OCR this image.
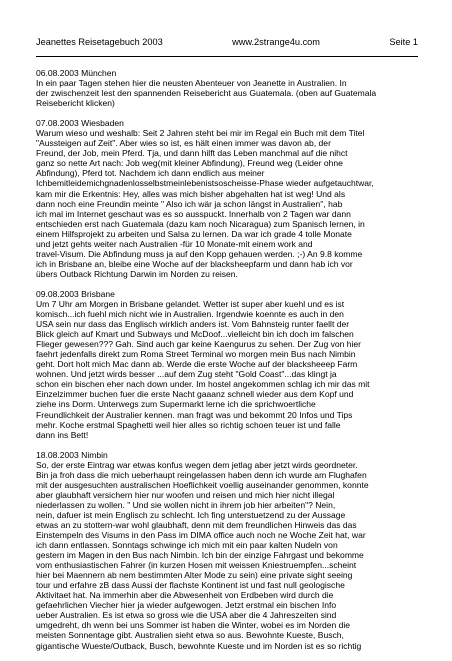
Jeanettes Reisetagebuch 2003	www.2strange4u.com	Seite 1
06.08.2003 München
In ein paar Tagen stehen hier die neusten Abenteuer von Jeanette in Australien. In
der zwischenzeit lest den spannenden Reisebericht aus Guatemala. (oben auf Guatemala
Reisebericht klicken)
07.08.2003 Wiesbaden
Warum wieso und weshalb: Seit 2 Jahren steht bei mir im Regal ein Buch mit dem Titel
"Aussteigen auf Zeit". Aber wies so ist, es hält einen immer was davon ab, der
Freund, der Job, mein Pferd. Tja, und dann hilft das Leben manchmal auf die nihct
ganz so nette Art nach: Job weg(mit kleiner Abfindung), Freund weg (Leider ohne
Abfindung), Pferd tot. Nachdem ich dann endlich aus meiner
Ichbemitleidemichgnadenlosselbstmeinlebenistsoscheisse-Phase wieder aufgetauchtwar,
kam mir die Erkentnis: Hey, alles was mich bisher abgehalten hat ist weg! Und als
dann noch eine Freundin meinte " Also ich wär ja schon längst in Australien", hab
ich mal im Internet geschaut was es so ausspuckt. Innerhalb von 2 Tagen war dann
entschieden erst nach Guatemala (dazu kam noch Nicaragua) zum Spanisch lernen, in
einem Hilfsprojekt zu arbeiten und Salsa zu lernen. Da war ich grade 4 tolle Monate
und jetzt gehts weiter nach Australien -für 10 Monate-mit einem work and
travel-Visum. Die Abfindung muss ja auf den Kopp gehauen werden. ;-) An 9.8 komme
ich in Brisbane an, bleibe eine Woche auf der blacksheepfarm und dann hab ich vor
übers Outback Richtung Darwin im Norden zu reisen.
09.08.2003 Brisbane
Um 7 Uhr am Morgen in Brisbane gelandet. Wetter ist super aber kuehl und es ist
komisch...ich fuehl mich nicht wie in Australien. Irgendwie koennte es auch in den
USA sein nur dass das Englisch wirklich anders ist. Vom Bahnsteig runter faellt der
Blick gleich auf Kmart und Subways und McDoof...vielleicht bin ich doch im falschen
Flieger gewesen??? Gah. Sind auch gar keine Kaengurus zu sehen. Der Zug von hier
faehrt jedenfalls direkt zum Roma Street Terminal wo morgen mein Bus nach Nimbin
geht. Dort holt mich Mac dann ab. Werde die erste Woche auf der blacksheeep Farm
wohnen. Und jetzt wirds besser ...auf dem Zug steht "Gold Coast"...das klingt ja
schon ein bischen eher nach down under. Im hostel angekommen schlag ich mir das mit
Einzelzimmer buchen fuer die erste Nacht gaaanz schnell wieder aus dem Kopf und
ziehe ins Dorm. Unterwegs zum Supermarkt lerne ich die sprichwoertliche
Freundlichkeit der Australier kennen. man fragt was und bekommt 20 Infos und Tips
mehr. Koche erstmal Spaghetti weil hier alles so richtig schoen teuer ist und falle
dann ins Bett!
18.08.2003 Nimbin
So, der erste Eintrag war etwas konfus wegen dem jetlag aber jetzt wirds geordneter.
Bin ja froh dass die mich ueberhaupt reingelassen haben denn ich wurde am Flughafen
mit der ausgesuchten australischen Hoeflichkeit voellig auseinander genommen, konnte
aber glaubhaft versichern hier nur woofen und reisen und mich hier nicht illegal
niederlassen zu wollen. " Und sie wollen nicht in ihrem job hier arbeiten"? Nein,
nein, dafuer ist mein Englisch zu schlecht. Ich fing unterstuetzend zu der Aussage
etwas an zu stottern-war wohl glaubhaft, denn mit dem freundlichen Hinweis das das
Einstempeln des Visums in den Pass im DIMA office auch noch ne Woche Zeit hat, war
ich dann entlassen. Sonntags schwinge ich mich mit ein paar kalten Nudeln von
gestern im Magen in den Bus nach Nimbin. Ich bin der einzige Fahrgast und bekomme
vom enthusiastischen Fahrer (in kurzen Hosen mit weissen Kniestruempfen...scheint
hier bei Maennern ab nem bestimmten Alter Mode zu sein) eine private sight seeing
tour und erfahre zB dass Aussi der flachste Kontinent ist und fast null geologische
Aktivitaet hat. Na immerhin aber die Abwesenheit von Erdbeben wird durch die
gefaehrlichen Viecher hier ja wieder aufgewogen. Jetzt erstmal ein bischen Info
ueber Australien. Es ist etwa so gross wie die USA aber die 4 Jahreszeiten sind
umgedreht, dh wenn bei uns Sommer ist haben die Winter, wobei es im Norden die
meisten Sonnentage gibt. Australien sieht etwa so aus. Bewohnte Kueste, Busch,
gigantische Wueste/Outback, Busch, bewohnte Kueste und im Norden ist es so richtig
